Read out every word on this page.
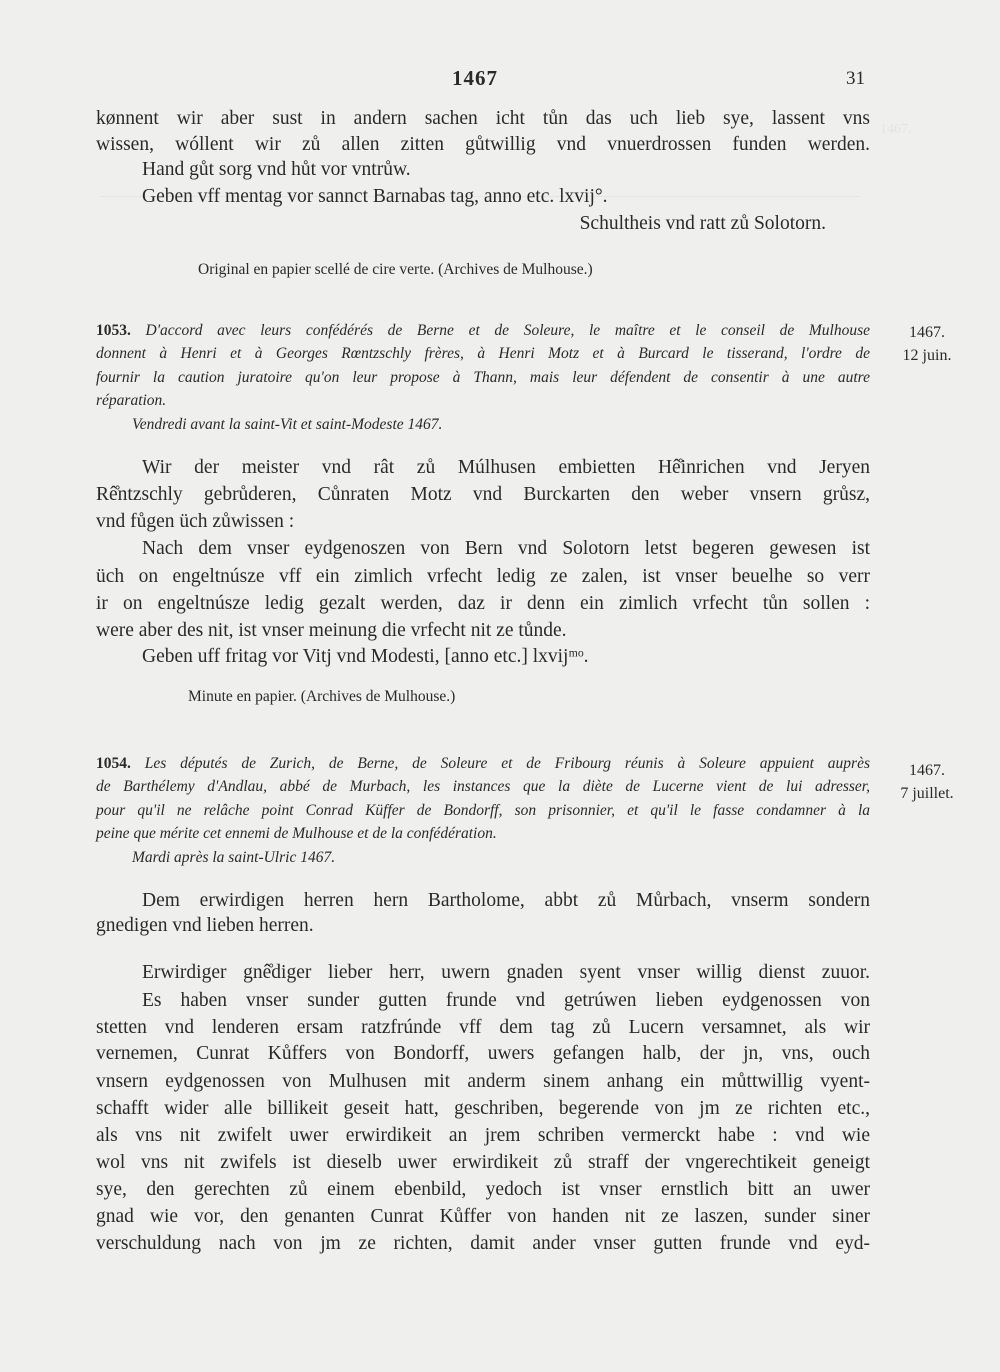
1467.
1467	31
kønnent wir aber sust in andern sachen icht tůn das uch lieb sye, lassent vns
wissen, wóllent wir zů allen zitten gůtwillig vnd vnuerdrossen funden werden.
Hand gůt sorg vnd hůt vor vntrůw.
Geben vff mentag vor sannct Barnabas tag, anno etc. lxvij°.
Schultheis vnd ratt zů Solotorn.
Original en papier scellé de cire verte. (Archives de Mulhouse.)
1053. D'accord avec leurs confédérés de Berne et de Soleure, le maître et le conseil de Mulhouse
donnent à Henri et à Georges Rœntzschly frères, à Henri Motz et à Burcard le tisserand, l'ordre de
fournir la caution juratoire qu'on leur propose à Thann, mais leur défendent de consentir à une autre
réparation.
Vendredi avant la saint-Vit et saint-Modeste 1467.
1467.
12 juin.
Wir der meister vnd rât zů Múlhusen embietten Hê̊inrichen vnd Jeryen
Rê̊ntzschly gebrůderen, Cůnraten Motz vnd Burckarten den weber vnsern grůsz,
vnd fůgen üch zůwissen :
Nach dem vnser eydgenoszen von Bern vnd Solotorn letst begeren gewesen ist
üch on engeltnúsze vff ein zimlich vrfecht ledig ze zalen, ist vnser beuelhe so verr
ir on engeltnúsze ledig gezalt werden, daz ir denn ein zimlich vrfecht tůn sollen :
were aber des nit, ist vnser meinung die vrfecht nit ze tůnde.
Geben uff fritag vor Vitj vnd Modesti, [anno etc.] lxvijᵐᵒ.
Minute en papier. (Archives de Mulhouse.)
1054. Les députés de Zurich, de Berne, de Soleure et de Fribourg réunis à Soleure appuient auprès
de Barthélemy d'Andlau, abbé de Murbach, les instances que la diète de Lucerne vient de lui adresser,
pour qu'il ne relâche point Conrad Küffer de Bondorff, son prisonnier, et qu'il le fasse condamner à la
peine que mérite cet ennemi de Mulhouse et de la confédération.
Mardi après la saint-Ulric 1467.
1467.
7 juillet.
Dem erwirdigen herren hern Bartholome, abbt zů Můrbach, vnserm sondern
gnedigen vnd lieben herren.
Erwirdiger gnê̊diger lieber herr, uwern gnaden syent vnser willig dienst zuuor.
Es haben vnser sunder gutten frunde vnd getrúwen lieben eydgenossen von
stetten vnd lenderen ersam ratzfrúnde vff dem tag zů Lucern versamnet, als wir
vernemen, Cunrat Kůffers von Bondorff, uwers gefangen halb, der jn, vns, ouch
vnsern eydgenossen von Mulhusen mit anderm sinem anhang ein můttwillig vyent-
schafft wider alle billikeit geseit hatt, geschriben, begerende von jm ze richten etc.,
als vns nit zwifelt uwer erwirdikeit an jrem schriben vermerckt habe : vnd wie
wol vns nit zwifels ist dieselb uwer erwirdikeit zů straff der vngerechtikeit geneigt
sye, den gerechten zů einem ebenbild, yedoch ist vnser ernstlich bitt an uwer
gnad wie vor, den genanten Cunrat Kůffer von handen nit ze laszen, sunder siner
verschuldung nach von jm ze richten, damit ander vnser gutten frunde vnd eyd-
